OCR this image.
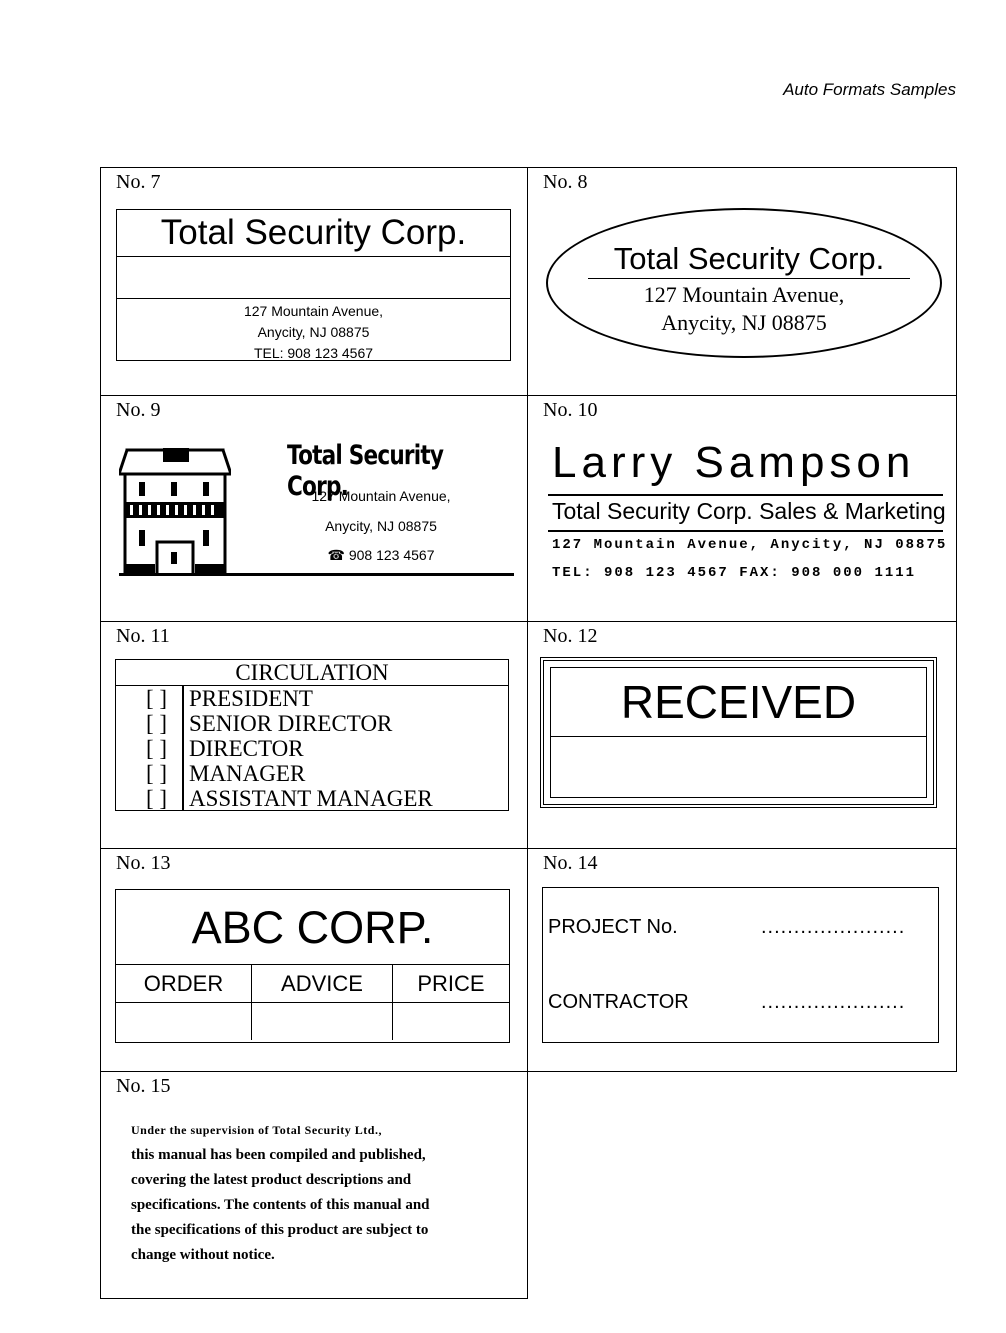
Auto Formats Samples
No. 7
Total Security Corp.
127 Mountain Avenue,
Anycity, NJ 08875
TEL: 908 123 4567
No. 8
Total Security Corp.
127 Mountain Avenue,
Anycity, NJ 08875
No. 9
Total Security Corp.
127 Mountain Avenue,
Anycity, NJ 08875
☎ 908 123 4567
No. 10
Larry Sampson
Total Security Corp. Sales & Marketing
127 Mountain Avenue, Anycity, NJ 08875
TEL: 908 123 4567 FAX: 908 000 1111
No. 11
CIRCULATION
[ ] PRESIDENT
[ ] SENIOR DIRECTOR
[ ] DIRECTOR
[ ] MANAGER
[ ] ASSISTANT MANAGER
No. 12
RECEIVED
No. 13
ABC CORP.
ORDER	ADVICE	PRICE

No. 14
PROJECT No.	......................
CONTRACTOR	......................
No. 15
Under the supervision of Total Security Ltd.,
this manual has been compiled and published,
covering the latest product descriptions and
specifications. The contents of this manual and
the specifications of this product are subject to
change without notice.
